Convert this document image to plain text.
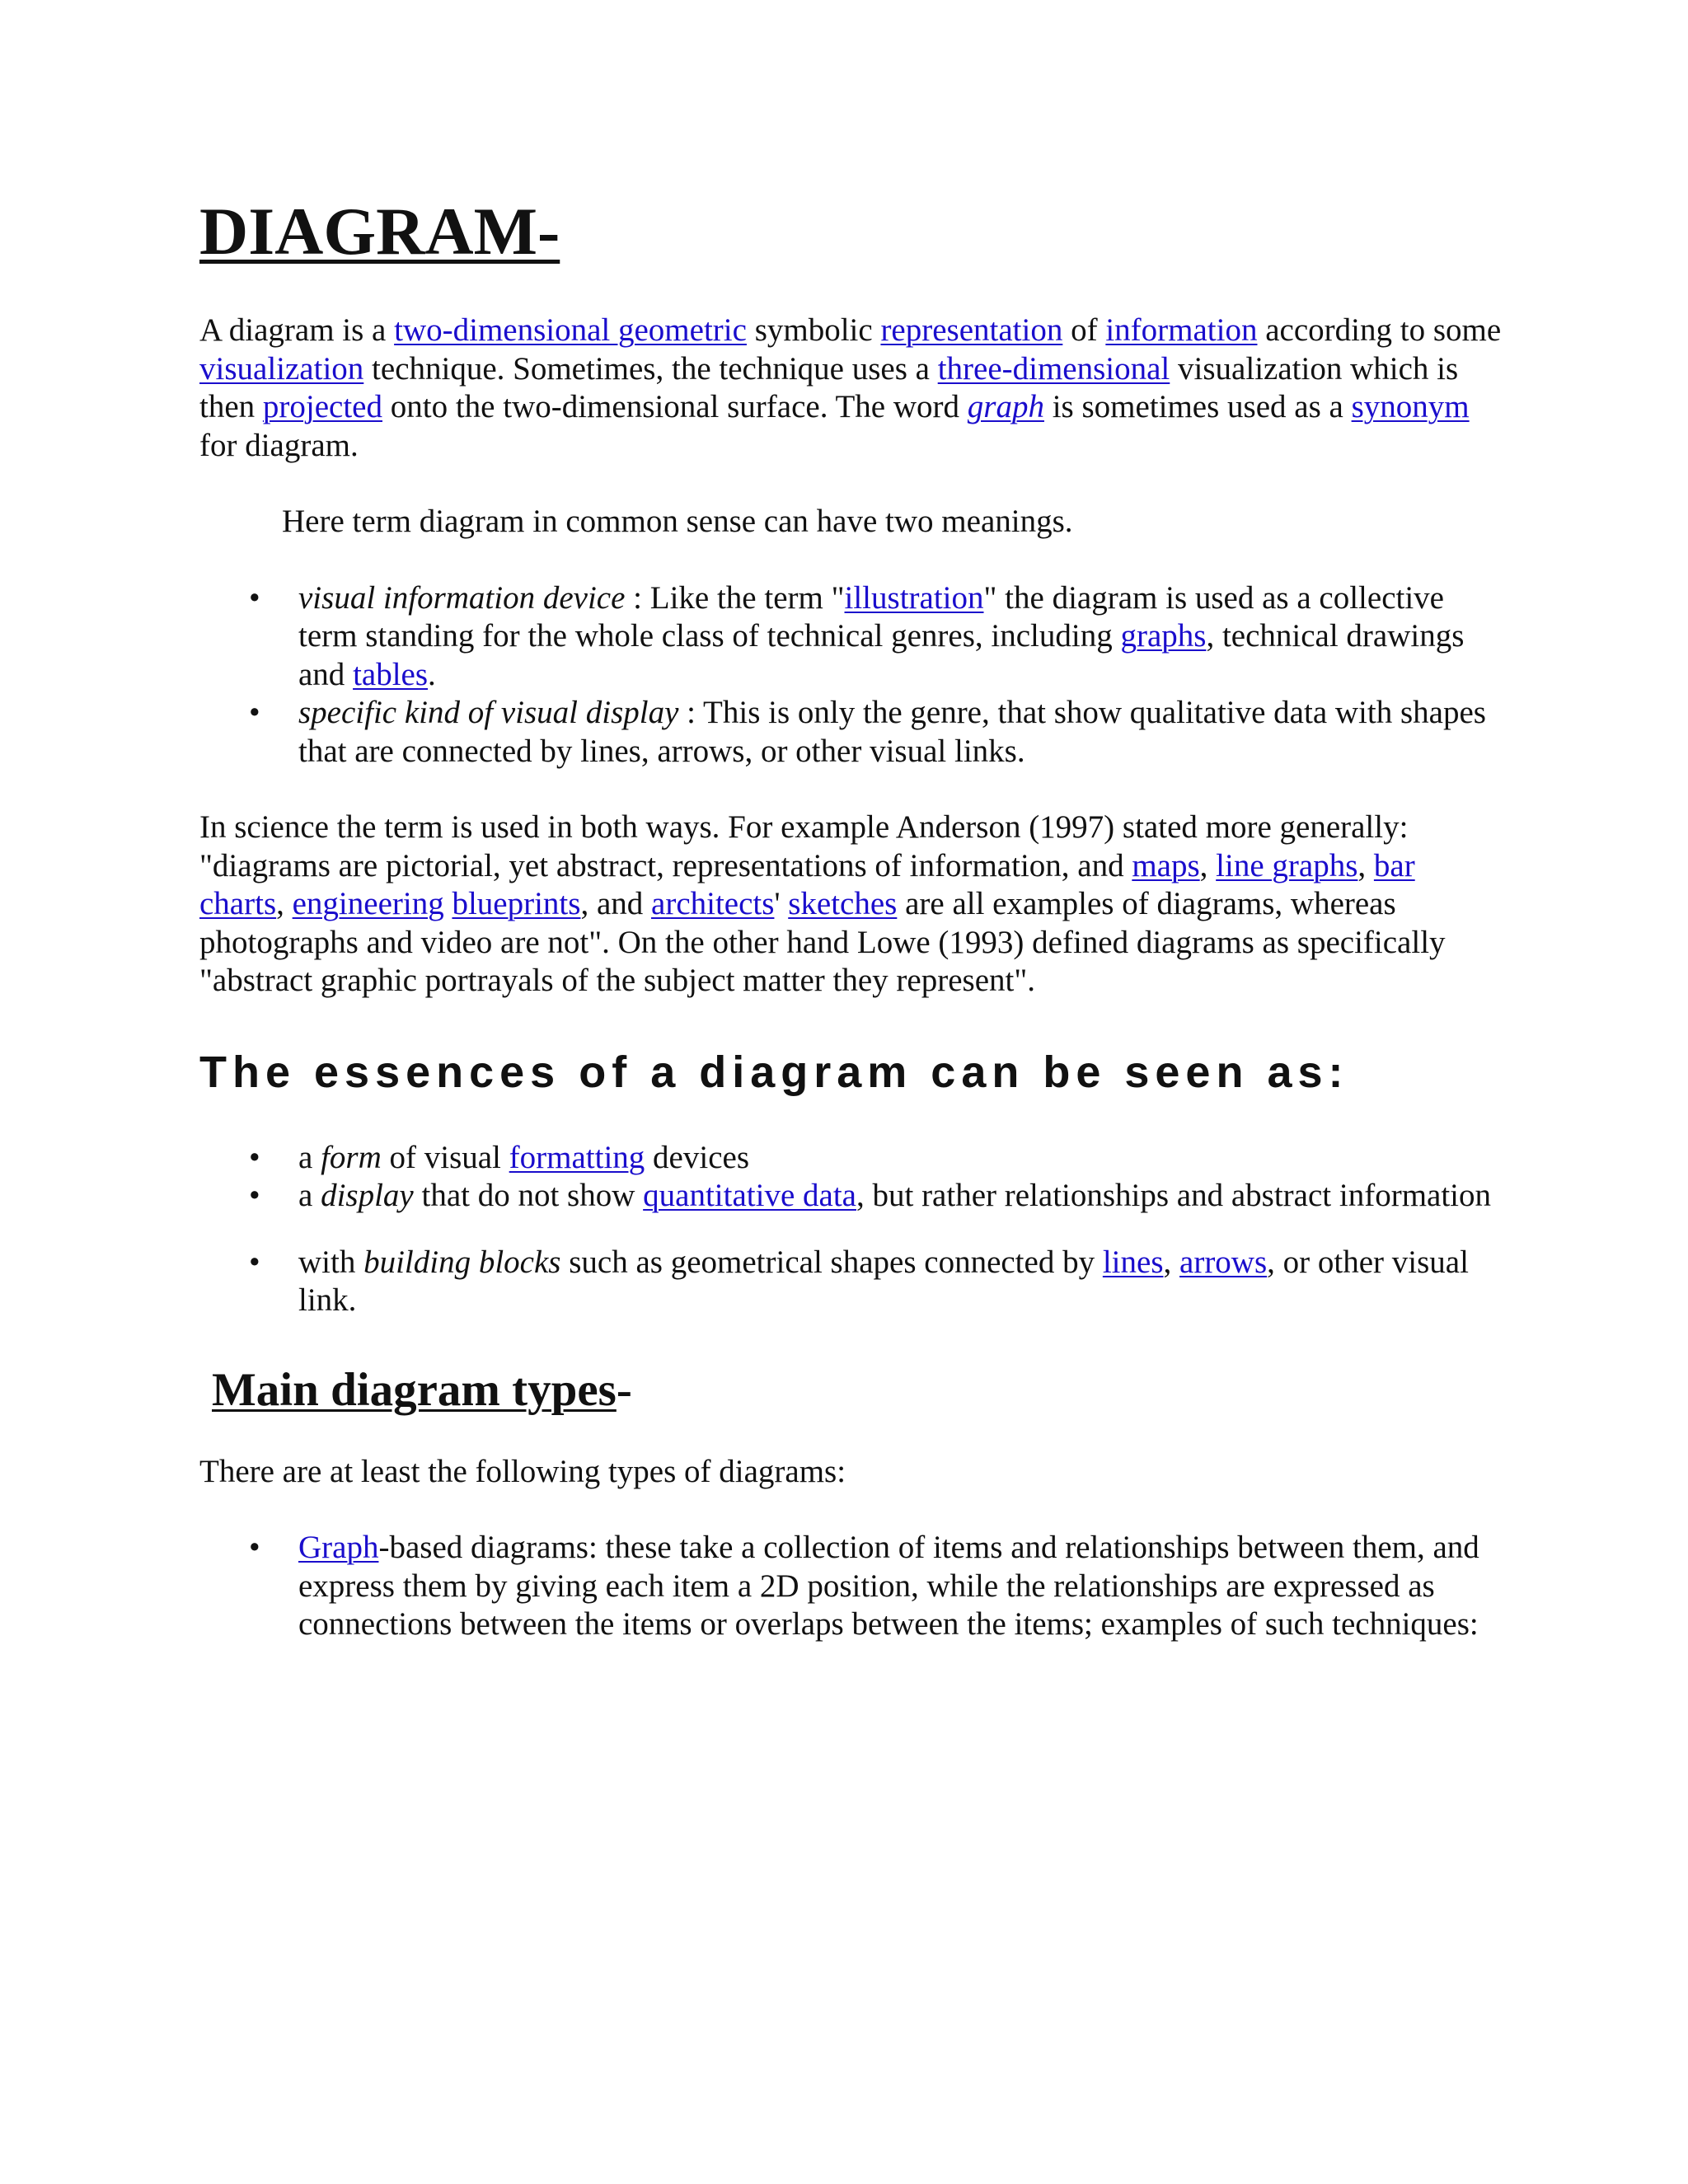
DIAGRAM-

A diagram is a two-dimensional geometric symbolic representation of information according to some visualization technique. Sometimes, the technique uses a three-dimensional visualization which is then projected onto the two-dimensional surface. The word graph is sometimes used as a synonym for diagram.

Here term diagram in common sense can have two meanings.

• visual information device : Like the term "illustration" the diagram is used as a collective term standing for the whole class of technical genres, including graphs, technical drawings and tables.
• specific kind of visual display : This is only the genre, that show qualitative data with shapes that are connected by lines, arrows, or other visual links.

In science the term is used in both ways. For example Anderson (1997) stated more generally: "diagrams are pictorial, yet abstract, representations of information, and maps, line graphs, bar charts, engineering blueprints, and architects' sketches are all examples of diagrams, whereas photographs and video are not". On the other hand Lowe (1993) defined diagrams as specifically "abstract graphic portrayals of the subject matter they represent".

The essences of a diagram can be seen as:
• a form of visual formatting devices
• a display that do not show quantitative data, but rather relationships and abstract information
• with building blocks such as geometrical shapes connected by lines, arrows, or other visual link.
Main diagram types-

There are at least the following types of diagrams:

• Graph-based diagrams: these take a collection of items and relationships between them, and express them by giving each item a 2D position, while the relationships are expressed as connections between the items or overlaps between the items; examples of such techniques:
